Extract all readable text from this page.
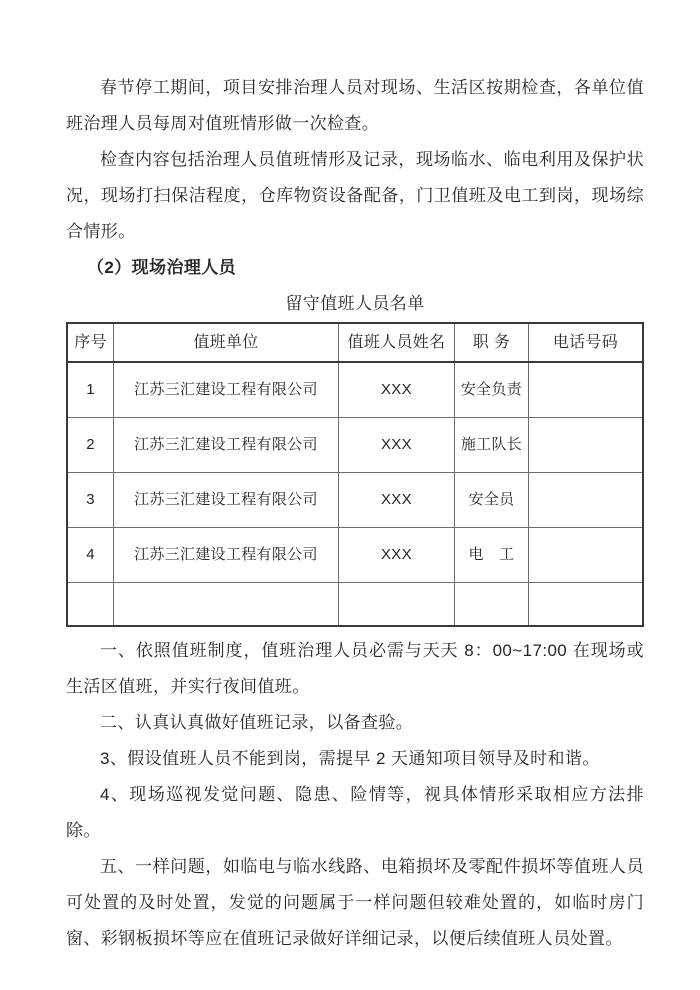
春节停工期间，项目安排治理人员对现场、生活区按期检查，各单位值班治理人员每周对值班情形做一次检查。

检查内容包括治理人员值班情形及记录，现场临水、临电利用及保护状况，现场打扫保洁程度，仓库物资设备配备，门卫值班及电工到岗，现场综合情形。

（2）现场治理人员
留守值班人员名单
序号	值班单位	值班人员姓名	职 务	电话号码
1	江苏三汇建设工程有限公司	XXX	安全负责	
2	江苏三汇建设工程有限公司	XXX	施工队长	
3	江苏三汇建设工程有限公司	XXX	安全员	
4	江苏三汇建设工程有限公司	XXX	电　工	

一、依照值班制度，值班治理人员必需与天天 8：00~17:00 在现场或生活区值班，并实行夜间值班。

二、认真认真做好值班记录，以备查验。

3、假设值班人员不能到岗，需提早 2 天通知项目领导及时和谐。

4、现场巡视发觉问题、隐患、险情等，视具体情形采取相应方法排除。

五、一样问题，如临电与临水线路、电箱损坏及零配件损坏等值班人员可处置的及时处置，发觉的问题属于一样问题但较难处置的，如临时房门窗、彩钢板损坏等应在值班记录做好详细记录，以便后续值班人员处置。
